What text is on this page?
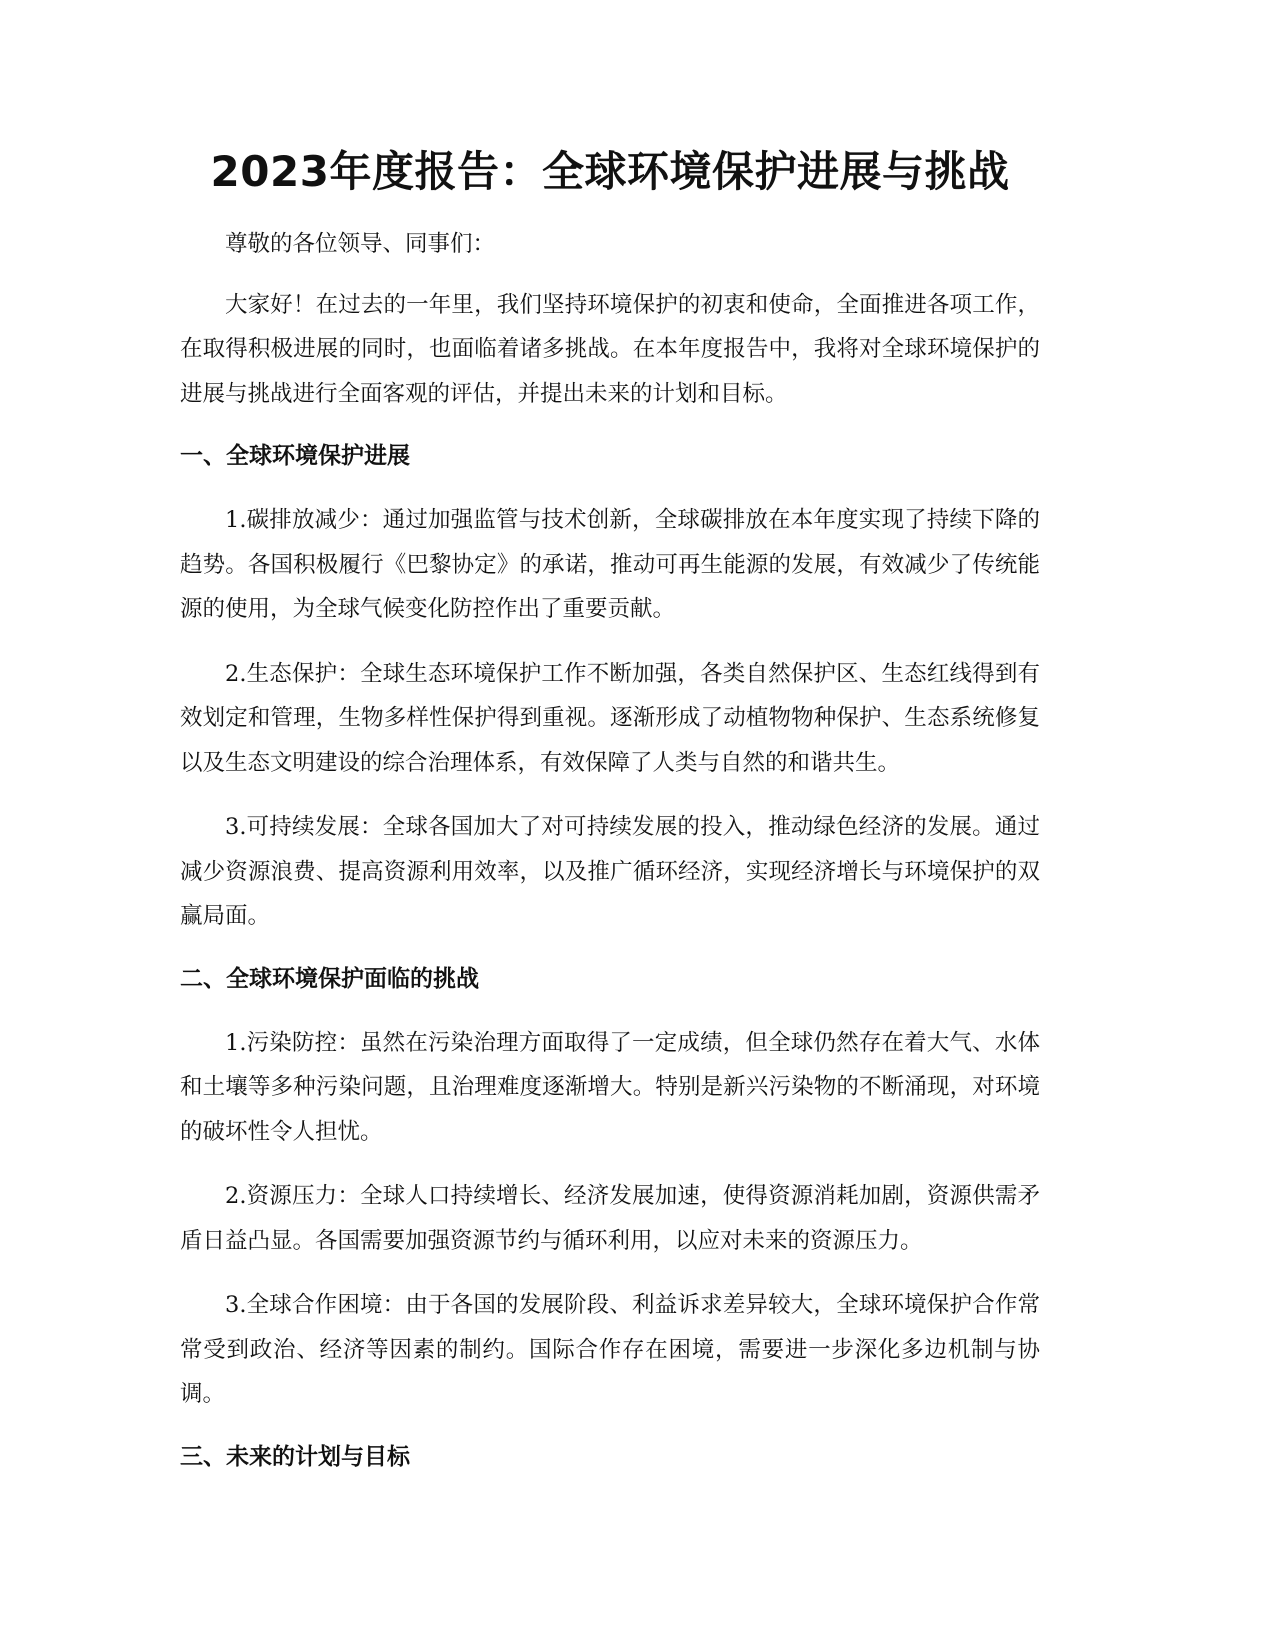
2023年度报告：全球环境保护进展与挑战

尊敬的各位领导、同事们：

大家好！在过去的一年里，我们坚持环境保护的初衷和使命，全面推进各项工作，在取得积极进展的同时，也面临着诸多挑战。在本年度报告中，我将对全球环境保护的进展与挑战进行全面客观的评估，并提出未来的计划和目标。

一、全球环境保护进展

1.碳排放减少：通过加强监管与技术创新，全球碳排放在本年度实现了持续下降的趋势。各国积极履行《巴黎协定》的承诺，推动可再生能源的发展，有效减少了传统能源的使用，为全球气候变化防控作出了重要贡献。

2.生态保护：全球生态环境保护工作不断加强，各类自然保护区、生态红线得到有效划定和管理，生物多样性保护得到重视。逐渐形成了动植物物种保护、生态系统修复以及生态文明建设的综合治理体系，有效保障了人类与自然的和谐共生。

3.可持续发展：全球各国加大了对可持续发展的投入，推动绿色经济的发展。通过减少资源浪费、提高资源利用效率，以及推广循环经济，实现经济增长与环境保护的双赢局面。

二、全球环境保护面临的挑战

1.污染防控：虽然在污染治理方面取得了一定成绩，但全球仍然存在着大气、水体和土壤等多种污染问题，且治理难度逐渐增大。特别是新兴污染物的不断涌现，对环境的破坏性令人担忧。

2.资源压力：全球人口持续增长、经济发展加速，使得资源消耗加剧，资源供需矛盾日益凸显。各国需要加强资源节约与循环利用，以应对未来的资源压力。

3.全球合作困境：由于各国的发展阶段、利益诉求差异较大，全球环境保护合作常常受到政治、经济等因素的制约。国际合作存在困境，需要进一步深化多边机制与协调。

三、未来的计划与目标
